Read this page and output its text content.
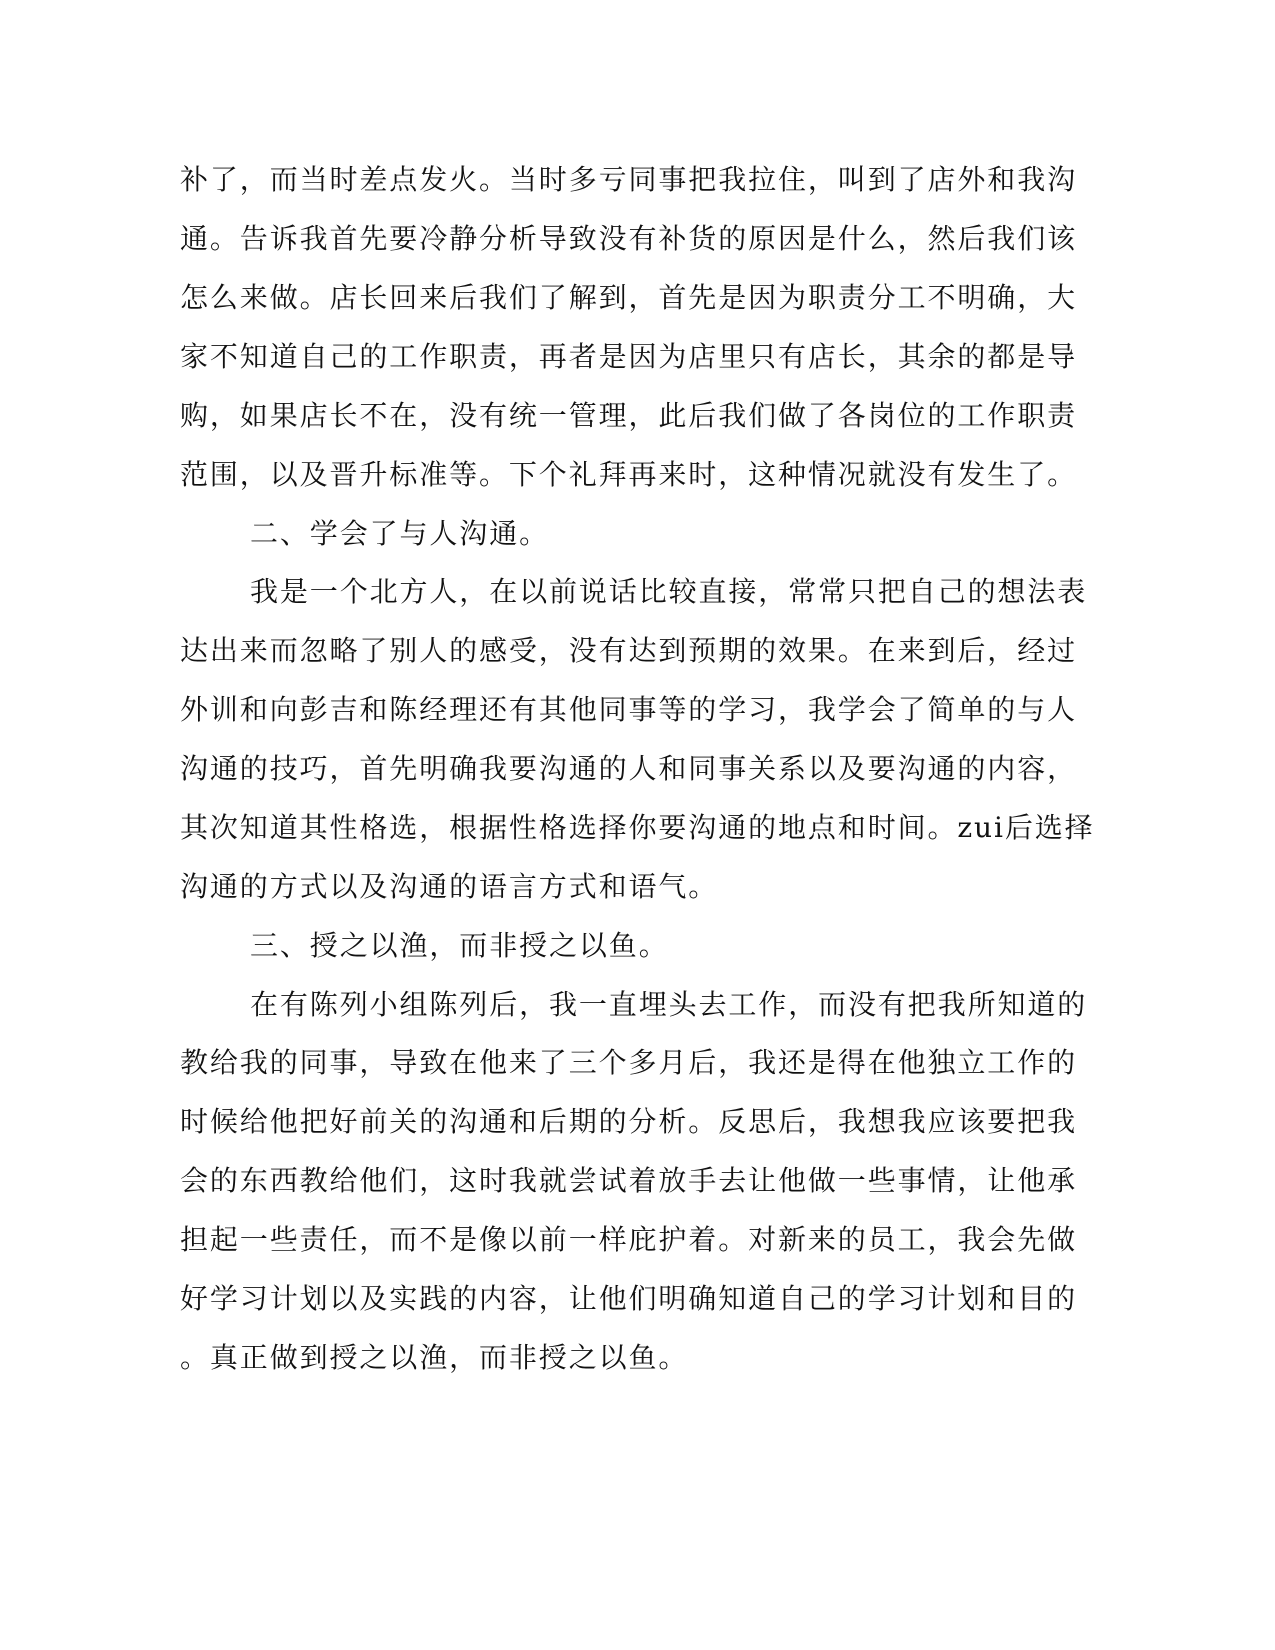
补了，而当时差点发火。当时多亏同事把我拉住，叫到了店外和我沟
通。告诉我首先要冷静分析导致没有补货的原因是什么，然后我们该
怎么来做。店长回来后我们了解到，首先是因为职责分工不明确，大
家不知道自己的工作职责，再者是因为店里只有店长，其余的都是导
购，如果店长不在，没有统一管理，此后我们做了各岗位的工作职责
范围，以及晋升标准等。下个礼拜再来时，这种情况就没有发生了。
二、学会了与人沟通。
我是一个北方人，在以前说话比较直接，常常只把自己的想法表
达出来而忽略了别人的感受，没有达到预期的效果。在来到后，经过
外训和向彭吉和陈经理还有其他同事等的学习，我学会了简单的与人
沟通的技巧，首先明确我要沟通的人和同事关系以及要沟通的内容，
其次知道其性格选，根据性格选择你要沟通的地点和时间。zui后选择
沟通的方式以及沟通的语言方式和语气。
三、授之以渔，而非授之以鱼。
在有陈列小组陈列后，我一直埋头去工作，而没有把我所知道的
教给我的同事，导致在他来了三个多月后，我还是得在他独立工作的
时候给他把好前关的沟通和后期的分析。反思后，我想我应该要把我
会的东西教给他们，这时我就尝试着放手去让他做一些事情，让他承
担起一些责任，而不是像以前一样庇护着。对新来的员工，我会先做
好学习计划以及实践的内容，让他们明确知道自己的学习计划和目的
。真正做到授之以渔，而非授之以鱼。
